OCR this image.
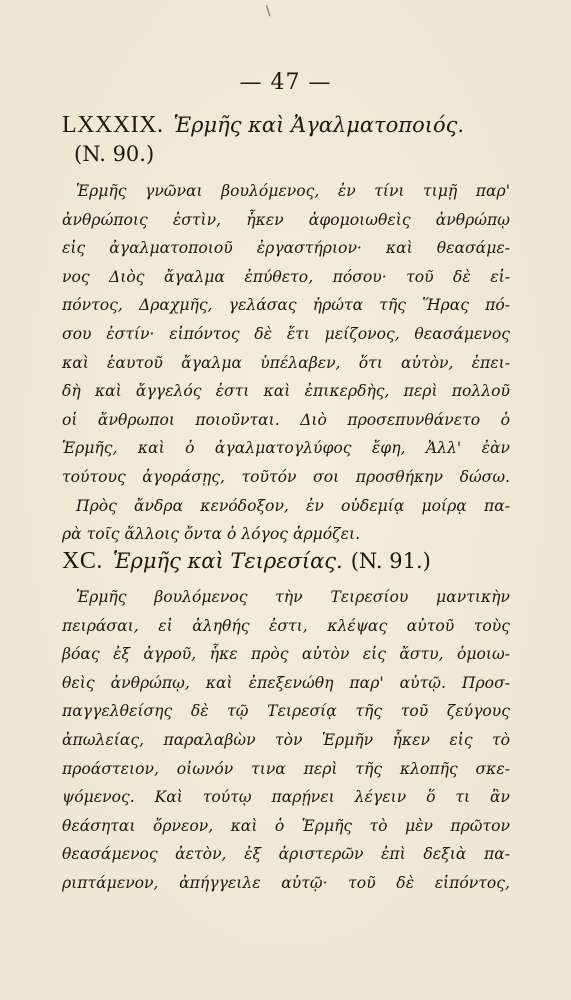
\
— 47 —
LXXXIX. Ἑρμῆς καὶ Ἀγαλματοποιός.
(N. 90.)
Ἑρμῆς γνῶναι βουλόμενος, ἐν τίνι τιμῇ παρ'
ἀνθρώποις ἐστὶν, ἧκεν ἀφομοιωθεὶς ἀνθρώπῳ
εἰς ἀγαλματοποιοῦ ἐργαστήριον· καὶ θεασάμε-
νος Διὸς ἄγαλμα ἐπύθετο, πόσου· τοῦ δὲ εἰ-
πόντος, Δραχμῆς, γελάσας ἠρώτα τῆς Ἥρας πό-
σου ἐστίν· εἰπόντος δὲ ἔτι μείζονος, θεασάμενος
καὶ ἑαυτοῦ ἄγαλμα ὑπέλαβεν, ὅτι αὐτὸν, ἐπει-
δὴ καὶ ἄγγελός ἐστι καὶ ἐπικερδὴς, περὶ πολλοῦ
οἱ ἄνθρωποι ποιοῦνται. Διὸ προσεπυνθάνετο ὁ
Ἑρμῆς, καὶ ὁ ἀγαλματογλύφος ἔφη, Ἀλλ' ἐὰν
τούτους ἀγοράσῃς, τοῦτόν σοι προσθήκην δώσω.
Πρὸς ἄνδρα κενόδοξον, ἐν οὐδεμίᾳ μοίρᾳ πα-
ρὰ τοῖς ἄλλοις ὄντα ὁ λόγος ἁρμόζει.
XC. Ἑρμῆς καὶ Τειρεσίας. (N. 91.)
Ἑρμῆς βουλόμενος τὴν Τειρεσίου μαντικὴν
πειράσαι, εἰ ἀληθής ἐστι, κλέψας αὐτοῦ τοὺς
βόας ἐξ ἀγροῦ, ἧκε πρὸς αὐτὸν εἰς ἄστυ, ὁμοιω-
θεὶς ἀνθρώπῳ, καὶ ἐπεξενώθη παρ' αὐτῷ. Προσ-
παγγελθείσης δὲ τῷ Τειρεσίᾳ τῆς τοῦ ζεύγους
ἀπωλείας, παραλαβὼν τὸν Ἑρμῆν ἧκεν εἰς τὸ
προάστειον, οἰωνόν τινα περὶ τῆς κλοπῆς σκε-
ψόμενος. Καὶ τούτῳ παρῄνει λέγειν ὅ τι ἂν
θεάσηται ὄρνεον, καὶ ὁ Ἑρμῆς τὸ μὲν πρῶτον
θεασάμενος ἀετὸν, ἐξ ἀριστερῶν ἐπὶ δεξιὰ πα-
ριπτάμενον, ἀπήγγειλε αὐτῷ· τοῦ δὲ εἰπόντος,
